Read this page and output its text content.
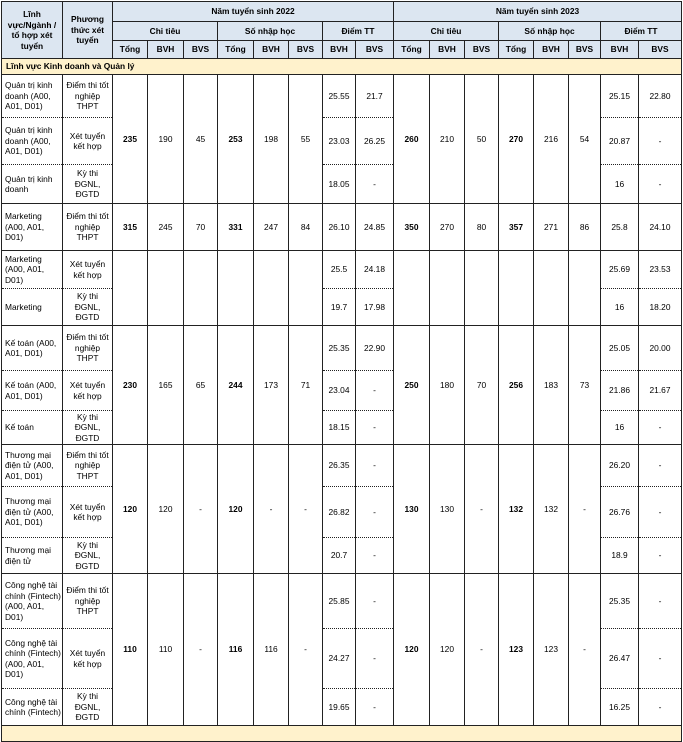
Lĩnh vực/Ngành / tổ hợp xét tuyển	Phương thức xét tuyển	Năm tuyển sinh 2022								Năm tuyển sinh 2023							
		Chỉ tiêu			Số nhập học			Điểm TT		Chỉ tiêu			Số nhập học			Điểm TT	
		Tổng	BVH	BVS	Tổng	BVH	BVS	BVH	BVS	Tổng	BVH	BVS	Tổng	BVH	BVS	BVH	BVS
Lĩnh vực Kinh doanh và Quản lý																	
Quản trị kinh doanh (A00, A01, D01)	Điểm thi tốt nghiệp THPT	235	190	45	253	198	55	25.55	21.7	260	210	50	270	216	54	25.15	22.80
Quản trị kinh doanh (A00, A01, D01)	Xét tuyển kết hợp							23.03	26.25							20.87	-
Quản trị kinh doanh	Kỳ thi ĐGNL, ĐGTD							18.05	-							16	-
Marketing (A00, A01, D01)	Điểm thi tốt nghiệp THPT	315	245	70	331	247	84	26.10	24.85	350	270	80	357	271	86	25.8	24.10
Marketing (A00, A01, D01)	Xét tuyển kết hợp							25.5	24.18							25.69	23.53
Marketing	Kỳ thi ĐGNL, ĐGTD							19.7	17.98							16	18.20
Kế toán (A00, A01, D01)	Điểm thi tốt nghiệp THPT	230	165	65	244	173	71	25.35	22.90	250	180	70	256	183	73	25.05	20.00
Kế toán (A00, A01, D01)	Xét tuyển kết hợp							23.04	-							21.86	21.67
Kế toán	Kỳ thi ĐGNL, ĐGTD							18.15	-							16	-
Thương mại điện tử (A00, A01, D01)	Điểm thi tốt nghiệp THPT	120	120	-	120	-	-	26.35	-	130	130	-	132	132	-	26.20	-
Thương mại điện tử (A00, A01, D01)	Xét tuyển kết hợp							26.82	-							26.76	-
Thương mại điện tử	Kỳ thi ĐGNL, ĐGTD							20.7	-							18.9	-
Công nghệ tài chính (Fintech) (A00, A01, D01)	Điểm thi tốt nghiệp THPT	110	110	-	116	116	-	25.85	-	120	120	-	123	123	-	25.35	-
Công nghệ tài chính (Fintech) (A00, A01, D01)	Xét tuyển kết hợp							24.27	-							26.47	-
Công nghệ tài chính (Fintech)	Kỳ thi ĐGNL, ĐGTD							19.65	-							16.25	-
